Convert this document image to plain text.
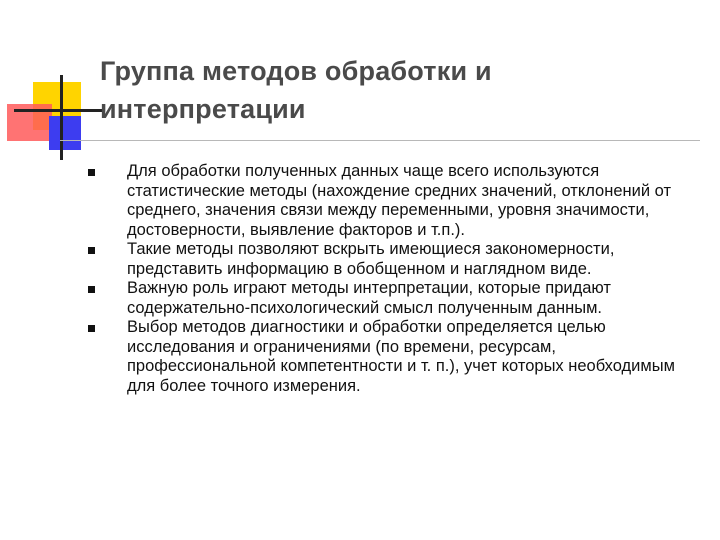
Группа методов обработки и интерпретации
Для обработки полученных данных чаще всего используются статистические методы (нахождение средних значений, отклонений от среднего, значения связи между переменными, уровня значимости, достоверности, выявление факторов и т.п.).
Такие методы позволяют вскрыть имеющиеся закономерности, представить информацию в обобщенном и наглядном виде.
Важную роль играют методы интерпретации, которые придают содержательно-психологический смысл полученным данным.
Выбор методов диагностики и обработки определяется целью исследования и ограничениями (по времени, ресурсам, профессиональной компетентности и т. п.), учет которых необходимым для более точного измерения.
